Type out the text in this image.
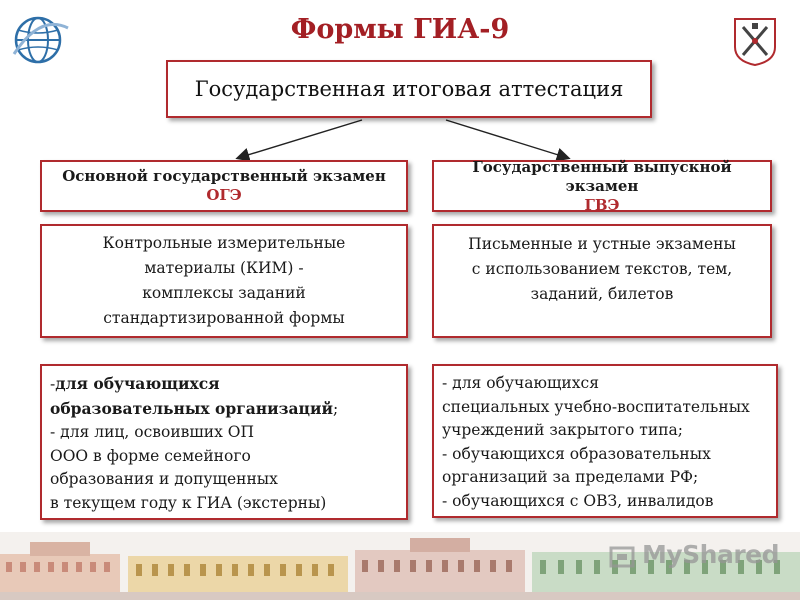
Формы ГИА-9
Государственная итоговая аттестация
Основной государственный экзамен
ОГЭ
Государственный выпускной экзамен
ГВЭ
Контрольные измерительные
материалы (КИМ) -
комплексы заданий
стандартизированной формы
Письменные и устные экзамены
с использованием текстов, тем,
заданий, билетов
-для обучающихся
образовательных организаций;
- для лиц, освоивших ОП
ООО в форме семейного
образования и допущенных
в текущем году к ГИА (экстерны)
- для обучающихся
специальных учебно-воспитательных
учреждений закрытого типа;
- обучающихся образовательных
организаций за пределами РФ;
- обучающихся с ОВЗ, инвалидов
MyShared
